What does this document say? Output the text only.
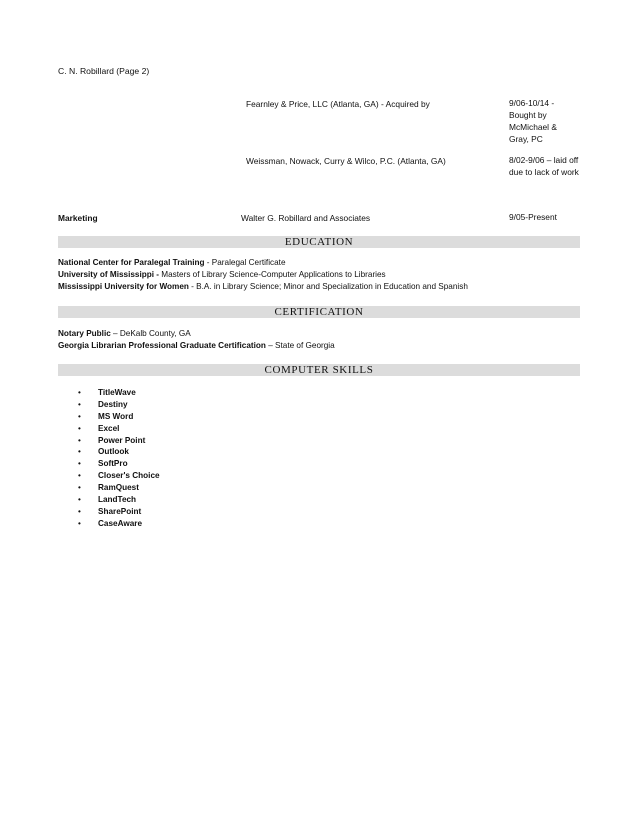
C. N. Robillard (Page 2)
Fearnley & Price, LLC (Atlanta, GA) - Acquired by	9/06-10/14 - Bought by McMichael & Gray, PC
Weissman, Nowack, Curry & Wilco, P.C. (Atlanta, GA)	8/02-9/06 – laid off due to lack of work
Marketing	Walter G. Robillard and Associates	9/05-Present
EDUCATION
National Center for Paralegal Training - Paralegal Certificate
University of Mississippi - Masters of Library Science-Computer Applications to Libraries
Mississippi University for Women - B.A. in Library Science; Minor and Specialization in Education and Spanish
CERTIFICATION
Notary Public – DeKalb County, GA
Georgia Librarian Professional Graduate Certification – State of Georgia
COMPUTER SKILLS
• TitleWave
• Destiny
• MS Word
• Excel
• Power Point
• Outlook
• SoftPro
• Closer's Choice
• RamQuest
• LandTech
• SharePoint
• CaseAware
